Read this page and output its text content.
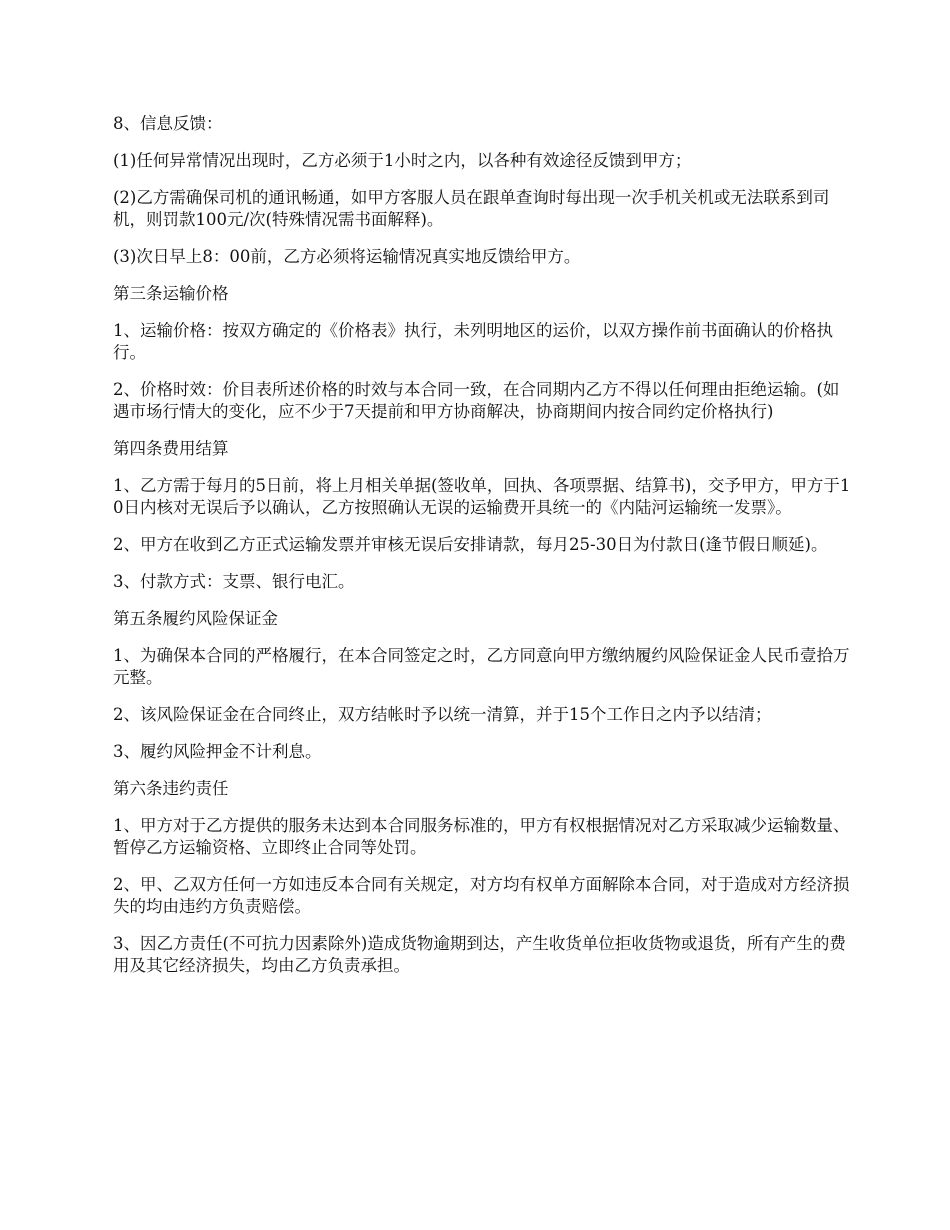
8、信息反馈：

(1)任何异常情况出现时，乙方必须于1小时之内，以各种有效途径反馈到甲方；

(2)乙方需确保司机的通讯畅通，如甲方客服人员在跟单查询时每出现一次手机关机或无法联系到司机，则罚款100元/次(特殊情况需书面解释)。

(3)次日早上8：00前，乙方必须将运输情况真实地反馈给甲方。

第三条运输价格

1、运输价格：按双方确定的《价格表》执行，未列明地区的运价，以双方操作前书面确认的价格执行。

2、价格时效：价目表所述价格的时效与本合同一致，在合同期内乙方不得以任何理由拒绝运输。(如遇市场行情大的变化，应不少于7天提前和甲方协商解决，协商期间内按合同约定价格执行)

第四条费用结算

1、乙方需于每月的5日前，将上月相关单据(签收单，回执、各项票据、结算书)，交予甲方，甲方于10日内核对无误后予以确认，乙方按照确认无误的运输费开具统一的《内陆河运输统一发票》。

2、甲方在收到乙方正式运输发票并审核无误后安排请款，每月25-30日为付款日(逢节假日顺延)。

3、付款方式：支票、银行电汇。

第五条履约风险保证金

1、为确保本合同的严格履行，在本合同签定之时，乙方同意向甲方缴纳履约风险保证金人民币壹拾万元整。

2、该风险保证金在合同终止，双方结帐时予以统一清算，并于15个工作日之内予以结清；

3、履约风险押金不计利息。

第六条违约责任

1、甲方对于乙方提供的服务未达到本合同服务标准的，甲方有权根据情况对乙方采取减少运输数量、暂停乙方运输资格、立即终止合同等处罚。

2、甲、乙双方任何一方如违反本合同有关规定，对方均有权单方面解除本合同，对于造成对方经济损失的均由违约方负责赔偿。

3、因乙方责任(不可抗力因素除外)造成货物逾期到达，产生收货单位拒收货物或退货，所有产生的费用及其它经济损失，均由乙方负责承担。
